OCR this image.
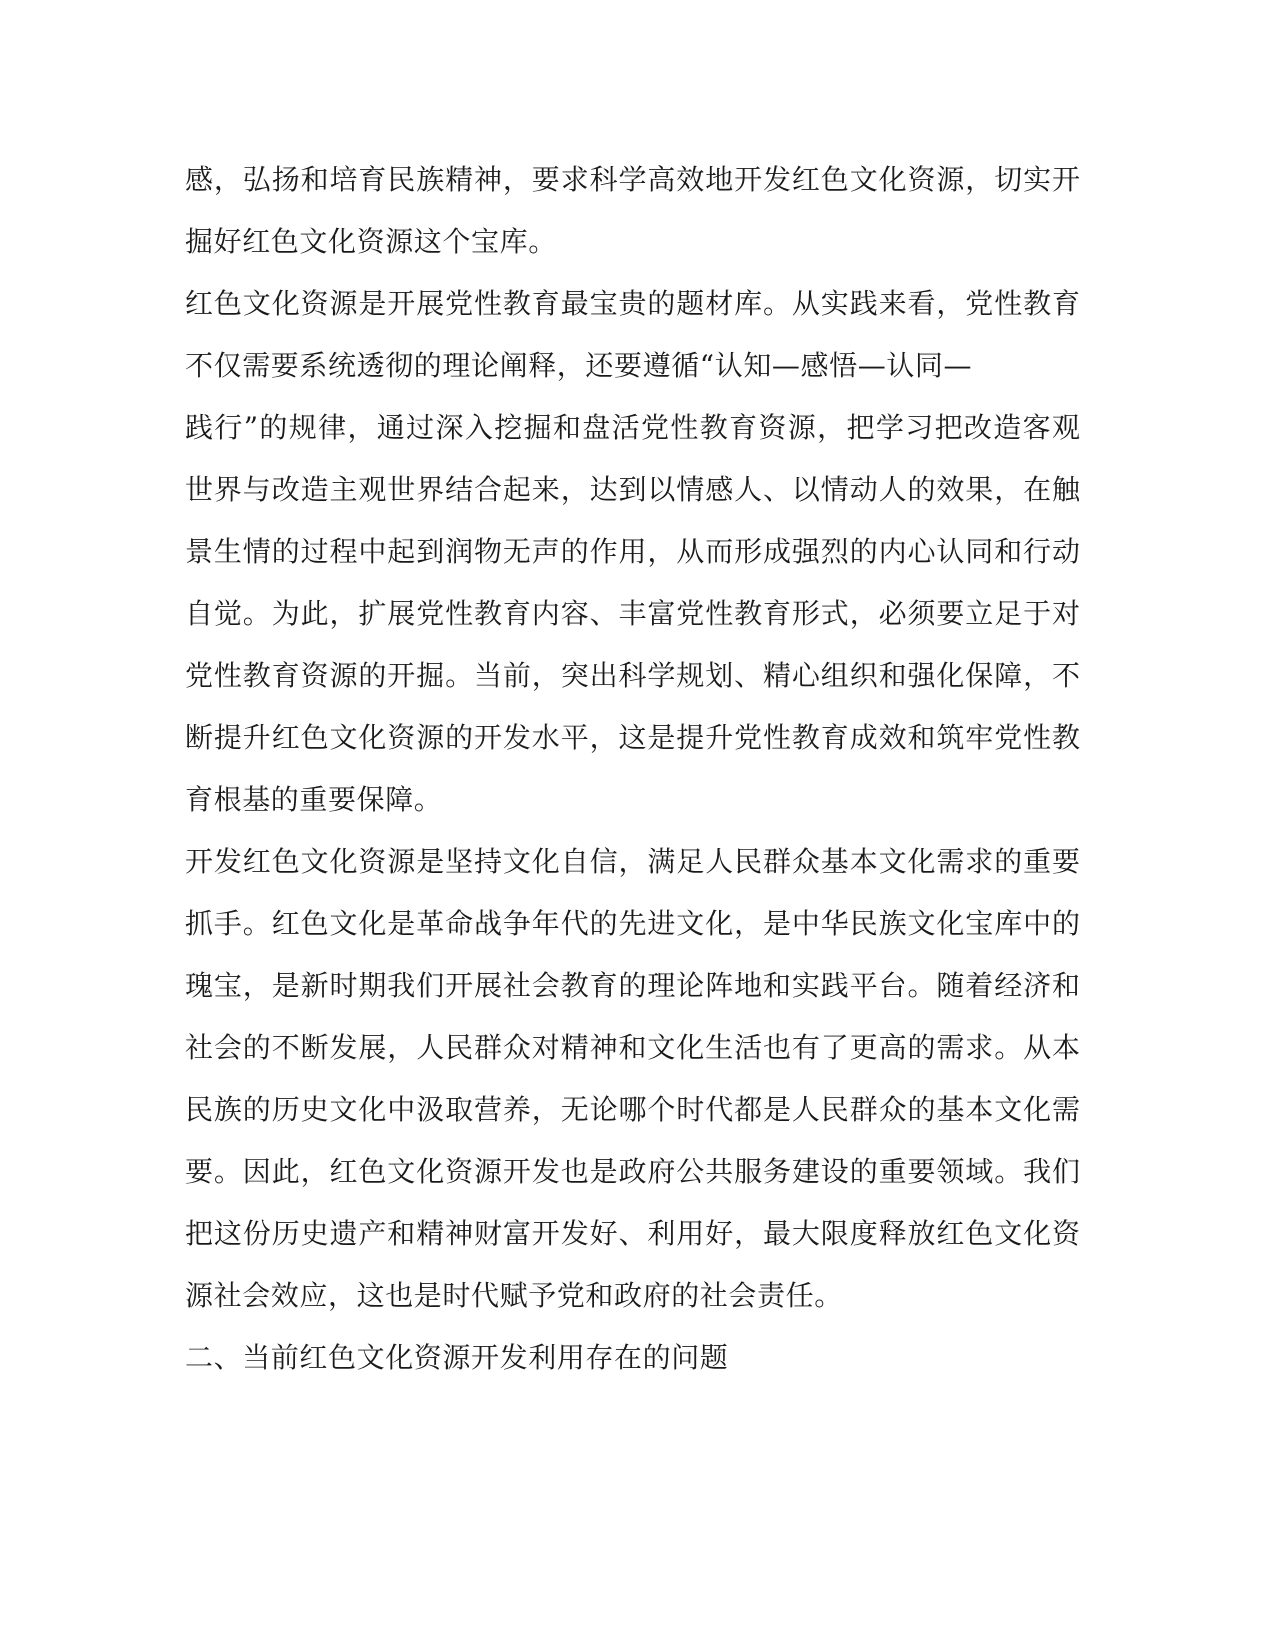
感，弘扬和培育民族精神，要求科学高效地开发红色文化资源，切实开
掘好红色文化资源这个宝库。
红色文化资源是开展党性教育最宝贵的题材库。从实践来看，党性教育
不仅需要系统透彻的理论阐释，还要遵循“认知—感悟—认同—
践行”的规律，通过深入挖掘和盘活党性教育资源，把学习把改造客观
世界与改造主观世界结合起来，达到以情感人、以情动人的效果，在触
景生情的过程中起到润物无声的作用，从而形成强烈的内心认同和行动
自觉。为此，扩展党性教育内容、丰富党性教育形式，必须要立足于对
党性教育资源的开掘。当前，突出科学规划、精心组织和强化保障，不
断提升红色文化资源的开发水平，这是提升党性教育成效和筑牢党性教
育根基的重要保障。
开发红色文化资源是坚持文化自信，满足人民群众基本文化需求的重要
抓手。红色文化是革命战争年代的先进文化，是中华民族文化宝库中的
瑰宝，是新时期我们开展社会教育的理论阵地和实践平台。随着经济和
社会的不断发展，人民群众对精神和文化生活也有了更高的需求。从本
民族的历史文化中汲取营养，无论哪个时代都是人民群众的基本文化需
要。因此，红色文化资源开发也是政府公共服务建设的重要领域。我们
把这份历史遗产和精神财富开发好、利用好，最大限度释放红色文化资
源社会效应，这也是时代赋予党和政府的社会责任。
二、当前红色文化资源开发利用存在的问题
